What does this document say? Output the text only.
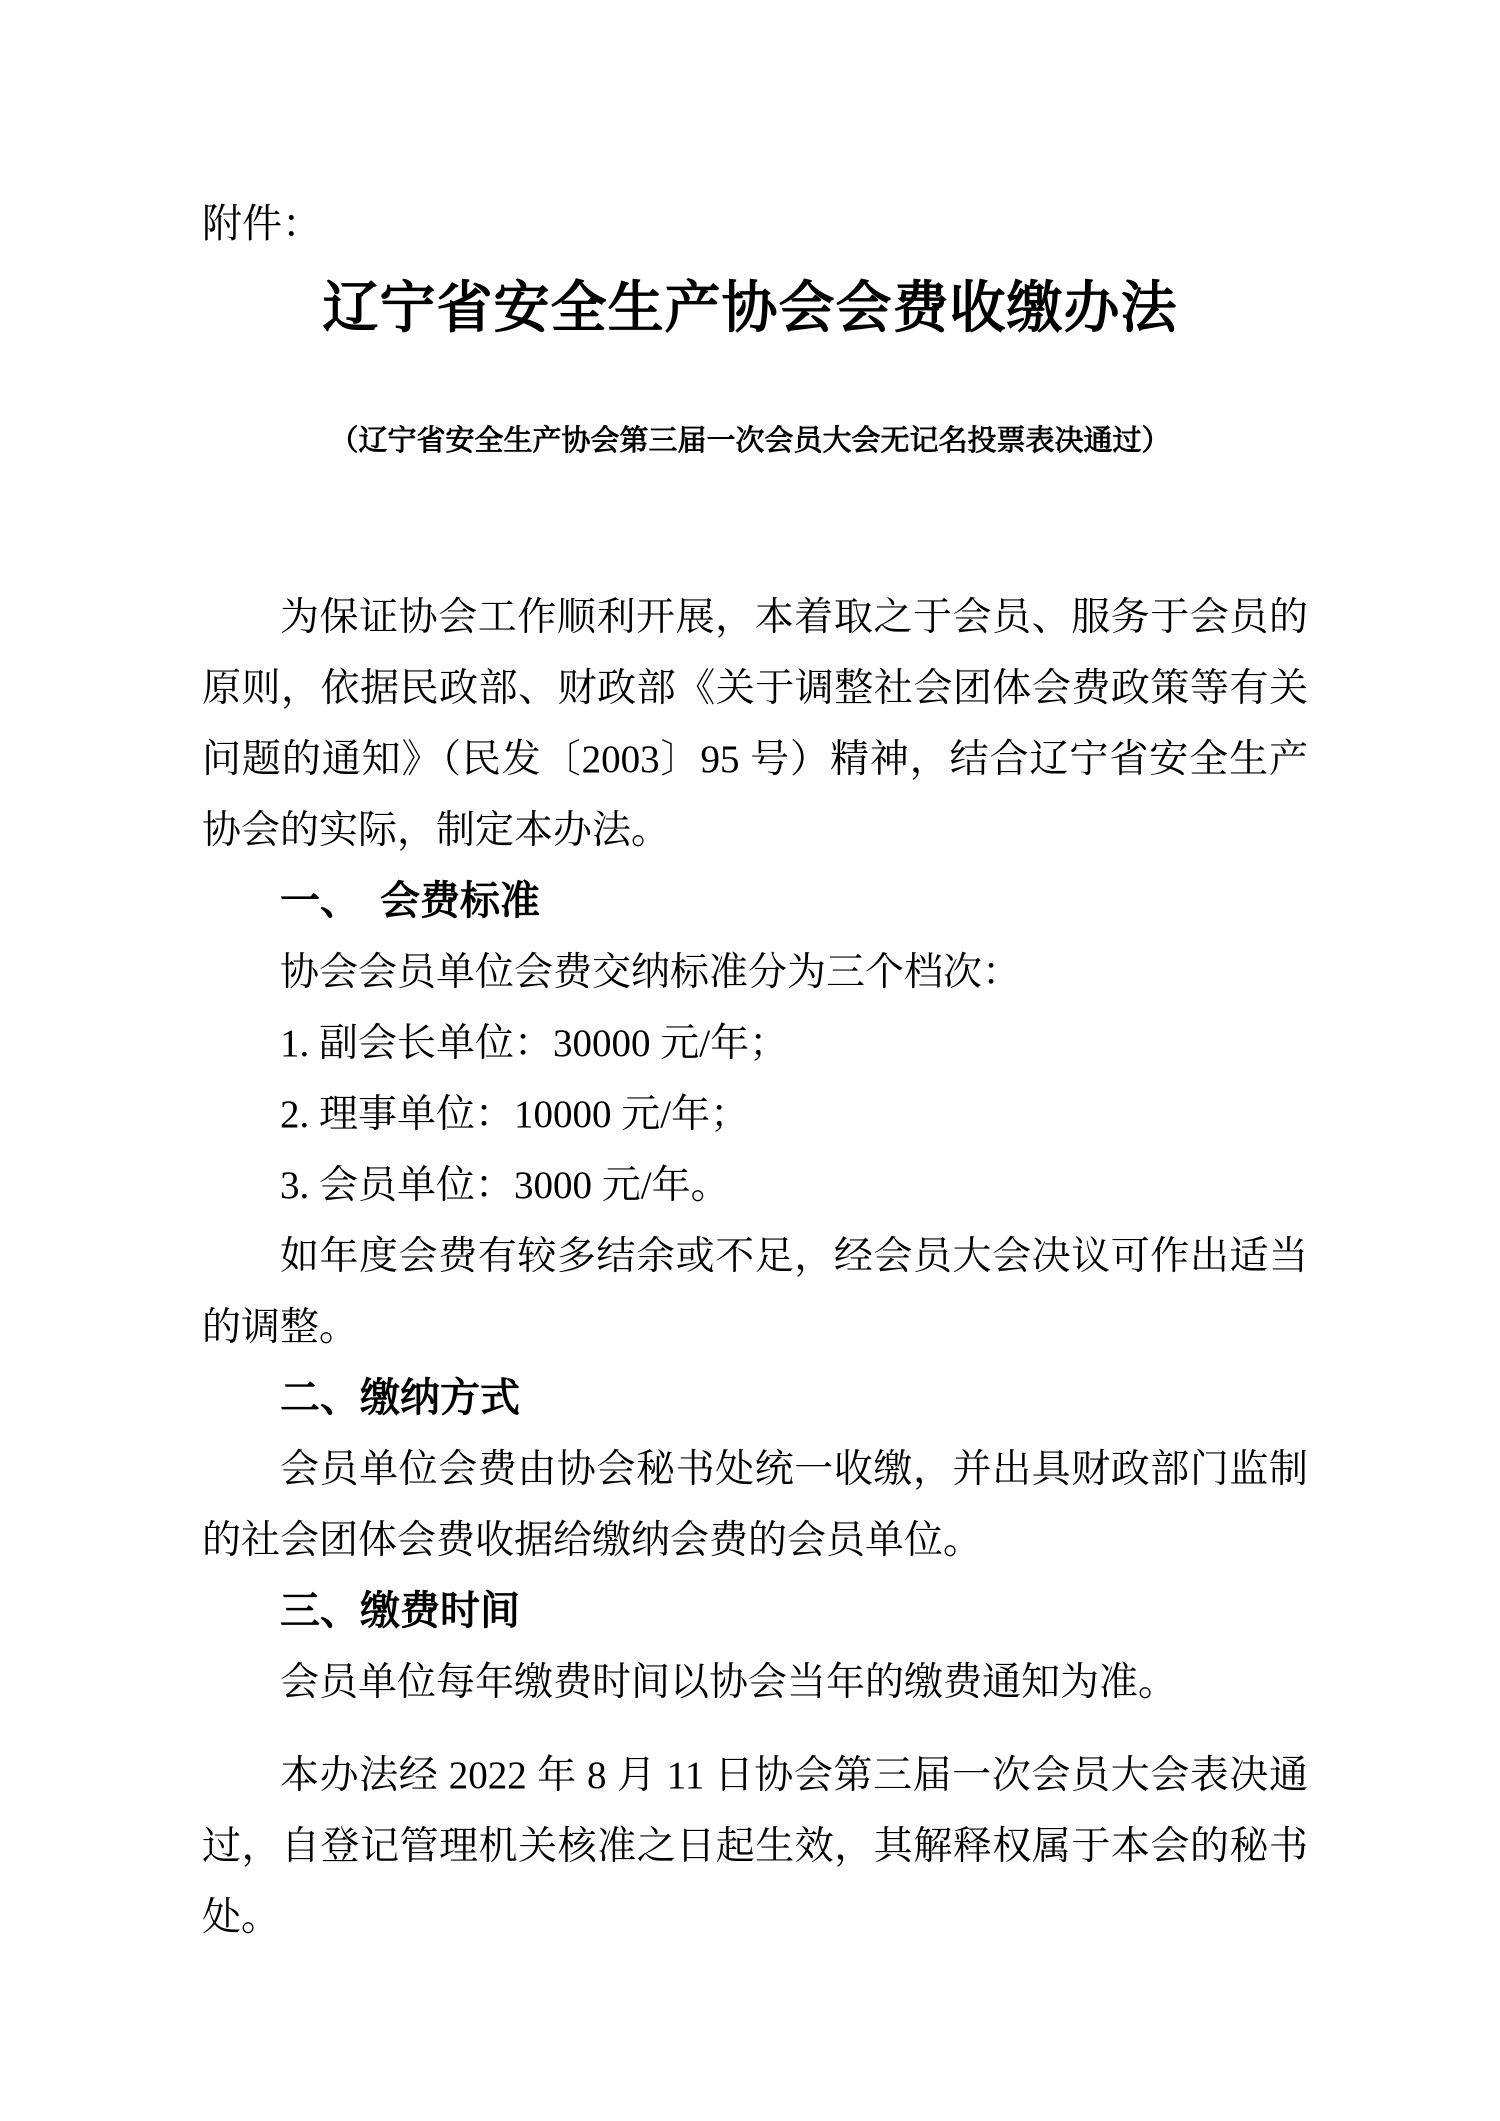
附件：
辽宁省安全生产协会会费收缴办法
（辽宁省安全生产协会第三届一次会员大会无记名投票表决通过）
为保证协会工作顺利开展，本着取之于会员、服务于会员的
原则，依据民政部、财政部《关于调整社会团体会费政策等有关
问题的通知》（民发〔2003〕95 号）精神，结合辽宁省安全生产
协会的实际，制定本办法。
一、　会费标准
协会会员单位会费交纳标准分为三个档次：
1. 副会长单位：30000 元/年；
2. 理事单位：10000 元/年；
3. 会员单位：3000 元/年。
如年度会费有较多结余或不足，经会员大会决议可作出适当
的调整。
二、缴纳方式
会员单位会费由协会秘书处统一收缴，并出具财政部门监制
的社会团体会费收据给缴纳会费的会员单位。
三、缴费时间
会员单位每年缴费时间以协会当年的缴费通知为准。
本办法经 2022 年 8 月 11 日协会第三届一次会员大会表决通
过，自登记管理机关核准之日起生效，其解释权属于本会的秘书
处。
